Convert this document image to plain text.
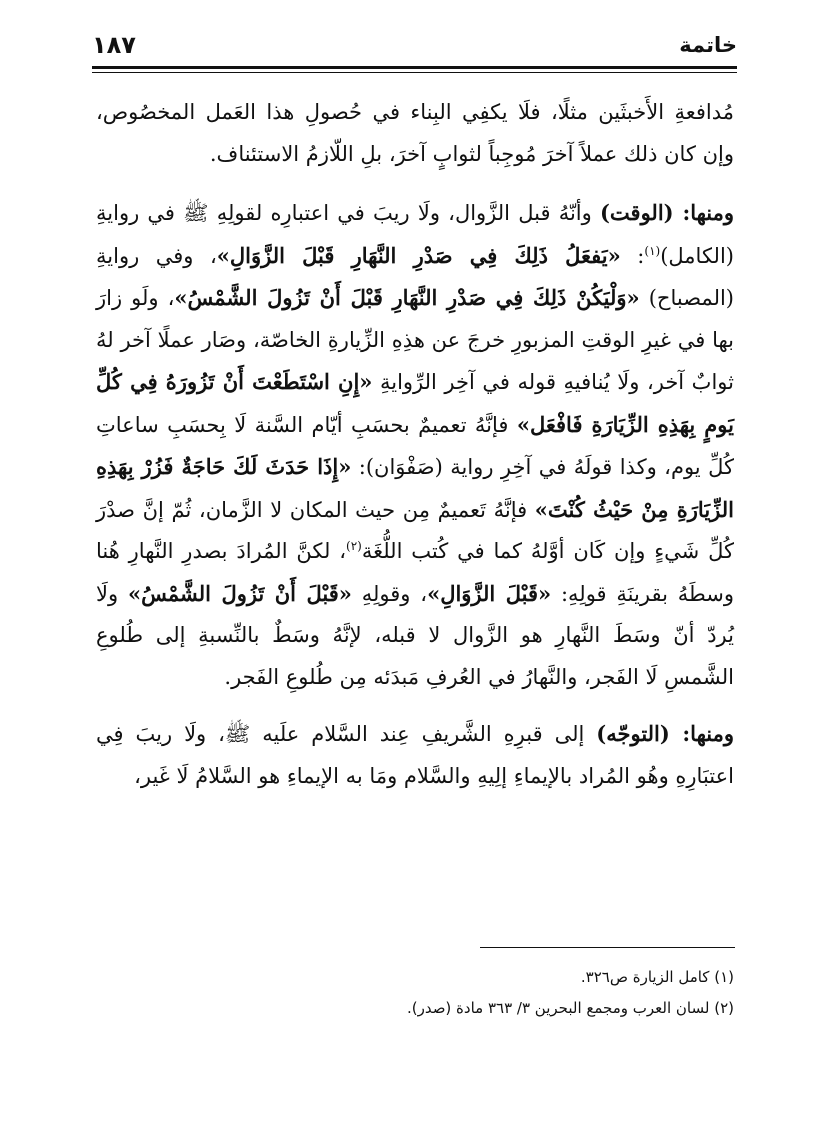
خاتمة
١٨٧

مُدافعةِ الأَخبثَين مثلًا، فلَا يكفِي البِناء في حُصولِ هذا العَمل المخصُوص، وإن كان ذلك عملاً آخرَ مُوجِباً لثوابٍ آخرَ، بلِ اللّازمُ الاستئناف.

ومنها: (الوقت) وأنّهُ قبل الزَّوال، ولَا ريبَ في اعتبارِه لقولِهِ ﷺ في روايةِ (الكامل)$^{(١)}$: «يَفعَلُ ذَلِكَ فِي صَدْرِ النَّهَارِ قَبْلَ الزَّوَالِ»، وفي روايةِ (المصباح) «وَلْيَكُنْ ذَلِكَ فِي صَدْرِ النَّهَارِ قَبْلَ أَنْ تَزُولَ الشَّمْسُ»، ولَو زارَ بها في غيرِ الوقتِ المزبورِ خرجَ عن هذِهِ الزِّيارةِ الخاصّة، وصَار عملًا آخر لهُ ثوابٌ آخر، ولَا يُنافيهِ قوله في آخِر الرِّوايةِ «إِنِ اسْتَطَعْتَ أَنْ تَزُورَهُ فِي كُلِّ يَومٍ بِهَذِهِ الزِّيَارَةِ فَافْعَل» فإنَّهُ تعميمٌ بحسَبِ أيّام السَّنة لَا بِحسَبِ ساعاتِ كُلِّ يوم، وكذا قولَهُ في آخِرِ رواية (صَفْوَان): «إِذَا حَدَثَ لَكَ حَاجَةٌ فَزُرْ بِهَذِهِ الزِّيَارَةِ مِنْ حَيْثُ كُنْتَ» فإنَّهُ تَعميمٌ مِن حيث المكان لا الزَّمان، ثُمّ إنَّ صدْرَ كُلِّ شَيءٍ وإن كَان أوَّلهُ كما في كُتب اللُّغَة$^{(٢)}$، لكنَّ المُرادَ بصدرِ النَّهارِ هُنا وسطَهُ بقرينَةِ قولِهِ: «قَبْلَ الزَّوَالِ»، وقولِهِ «قَبْلَ أَنْ تَزُولَ الشَّمْسُ» ولَا يُردّ أنّ وسَطَ النَّهارِ هو الزَّوال لا قبله، لإنَّهُ وسَطٌ بالنِّسبةِ إلى طُلوعِ الشَّمسِ لَا الفَجر، والنَّهارُ في العُرفِ مَبدَئه مِن طُلوعِ الفَجر.

ومنها: (التوجّه) إلى قبرِهِ الشَّريفِ عِند السَّلام علَيه ﷺ، ولَا ريبَ فِي اعتبَارِهِ وهُو المُراد بالإيماءِ إلِيهِ والسَّلام ومَا به الإيماءِ هو السَّلامُ لَا غَير،

(١) كامل الزيارة ص٣٢٦.
(٢) لسان العرب ومجمع البحرين ٣/ ٣٦٣ مادة (صدر).
